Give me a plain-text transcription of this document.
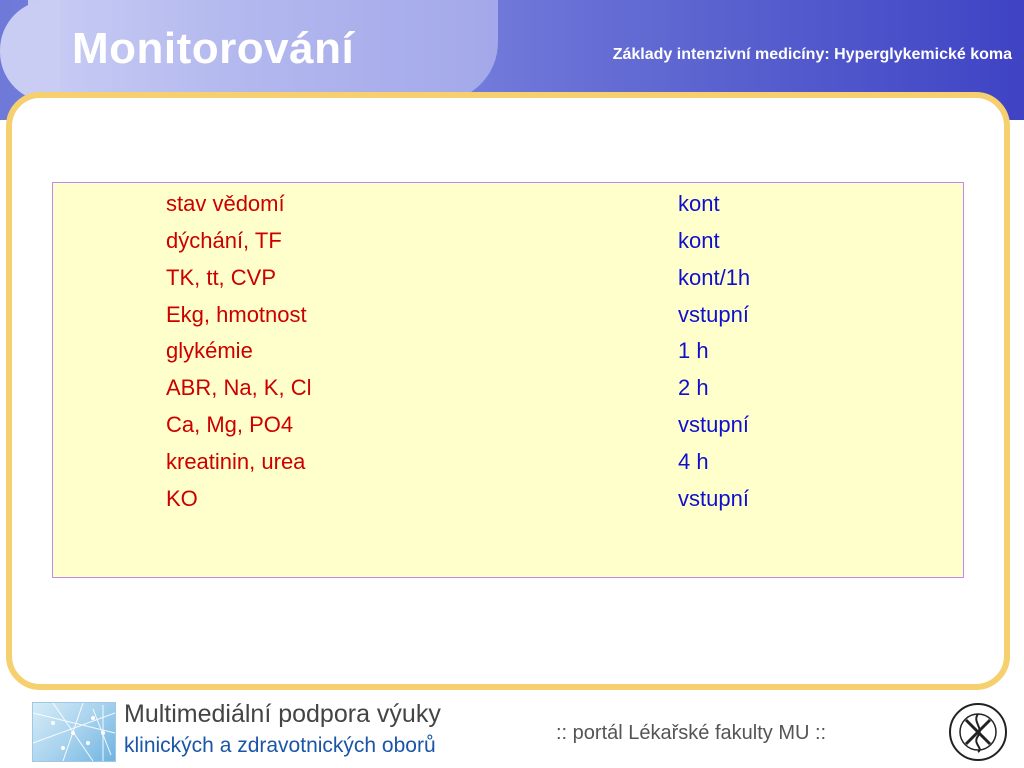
Monitorování	Základy intenzivní medicíny: Hyperglykemické koma
stav vědomí	kont
dýchání, TF	kont
TK, tt, CVP	kont/1h
Ekg, hmotnost	vstupní
glykémie	1 h
ABR, Na, K, Cl	2 h
Ca, Mg, PO4	vstupní
kreatinin, urea	4 h
KO	vstupní
Multimediální podpora výuky
klinických a zdravotnických oborů
:: portál Lékařské fakulty MU ::
